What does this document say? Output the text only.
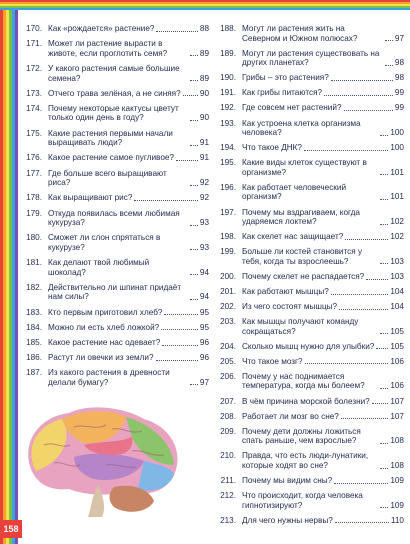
170. Как «рождается» растение?	88
171. Может ли растение вырасти в животе, если проглотить семя?	89
172. У какого растения самые большие семена?	89
173. Отчего трава зелёная, а не синяя? 90
174. Почему некоторые кактусы цветут только один день в году?	90
175. Какие растения первыми начали выращивать люди?	91
176. Какое растение самое пугливое?	91
177. Где больше всего выращивают риса?	92
178. Как выращивают рис?	92
179. Откуда появилась всеми любимая кукуруза?	93
180. Сможет ли слон спрятаться в кукурузе?	93
181. Как делают твой любимый шоколад?	94
182. Действительно ли шпинат придаёт нам силы?	94
183. Кто первым приготовил хлеб?	95
184. Можно ли есть хлеб ложкой?	95
185. Какое растение нас одевает?	96
186. Растут ли овечки из земли?	96
187. Из какого растения в древности делали бумагу?	97
188. Могут ли растения жить на Северном и Южном полюсах?	97
189. Могут ли растения существовать на других планетах?	98
190. Грибы – это растения?	98
191. Как грибы питаются?	99
192. Где совсем нет растений?	99
193. Как устроена клетка организма человека?	100
194. Что такое ДНК?	100
195. Какие виды клеток существуют в организме?	101
196. Как работает человеческий организм?	101
197. Почему мы вздрагиваем, когда ударяемся локтем?	102
198. Как скелет нас защищает?	102
199. Больше ли костей становится у тебя, когда ты взрослеешь?	103
200. Почему скелет не распадается?	103
201. Как работают мышцы?	104
202. Из чего состоят мышцы?	104
203. Как мышцы получают команду сокращаться?	105
204. Сколько мышц нужно для улыбки? 105
205. Что такое мозг?	106
206. Почему у нас поднимается температура, когда мы болеем?	106
207. В чём причина морской болезни?	107
208. Работает ли мозг во сне?	107
209. Почему дети должны ложиться спать раньше, чем взрослые?	108
210. Правда, что есть люди-лунатики, которые ходят во сне?	108
211. Почему мы видим сны?	109
212. Что происходит, когда человека гипнотизируют?	109
213. Для чего нужны нервы?	110
158
